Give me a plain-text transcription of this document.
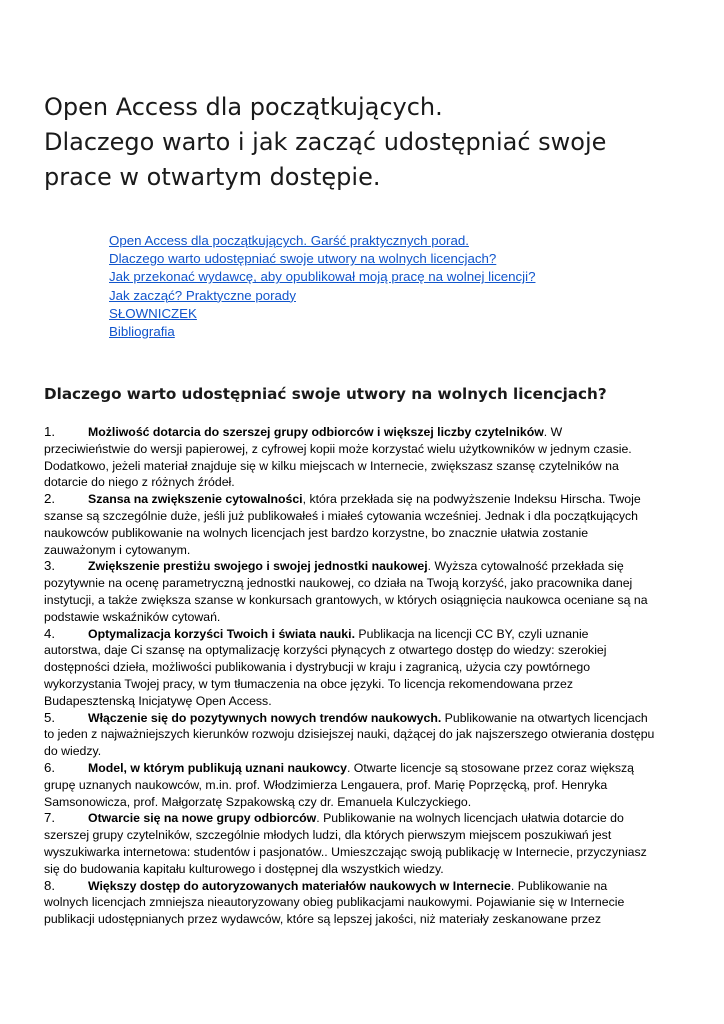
Open Access dla początkujących.
Dlaczego warto i jak zacząć udostępniać swoje
prace w otwartym dostępie.
Open Access dla początkujących. Garść praktycznych porad.
Dlaczego warto udostępniać swoje utwory na wolnych licencjach?
Jak przekonać wydawcę, aby opublikował moją pracę na wolnej licencji?
Jak zacząć? Praktyczne porady
SŁOWNICZEK
Bibliografia
Dlaczego warto udostępniać swoje utwory na wolnych licencjach?
1.	Możliwość dotarcia do szerszej grupy odbiorców i większej liczby czytelników. W
przeciwieństwie do wersji papierowej, z cyfrowej kopii może korzystać wielu użytkowników w jednym czasie.
Dodatkowo, jeżeli materiał znajduje się w kilku miejscach w Internecie, zwiększasz szansę czytelników na
dotarcie do niego z różnych źródeł.
2.	Szansa na zwiększenie cytowalności, która przekłada się na podwyższenie Indeksu Hirscha. Twoje
szanse są szczególnie duże, jeśli już publikowałeś i miałeś cytowania wcześniej. Jednak i dla początkujących
naukowców publikowanie na wolnych licencjach jest bardzo korzystne, bo znacznie ułatwia zostanie
zauważonym i cytowanym.
3.	Zwiększenie prestiżu swojego i swojej jednostki naukowej. Wyższa cytowalność przekłada się
pozytywnie na ocenę parametryczną jednostki naukowej, co działa na Twoją korzyść, jako pracownika danej
instytucji, a także zwiększa szanse w konkursach grantowych, w których osiągnięcia naukowca oceniane są na
podstawie wskaźników cytowań.
4.	Optymalizacja korzyści Twoich i świata nauki. Publikacja na licencji CC BY, czyli uznanie
autorstwa, daje Ci szansę na optymalizację korzyści płynących z otwartego dostęp do wiedzy: szerokiej
dostępności dzieła, możliwości publikowania i dystrybucji w kraju i zagranicą, użycia czy powtórnego
wykorzystania Twojej pracy, w tym tłumaczenia na obce języki. To licencja rekomendowana przez
Budapesztenską Inicjatywę Open Access.
5.	Włączenie się do pozytywnych nowych trendów naukowych. Publikowanie na otwartych licencjach
to jeden z najważniejszych kierunków rozwoju dzisiejszej nauki, dążącej do jak najszerszego otwierania dostępu
do wiedzy.
6.	Model, w którym publikują uznani naukowcy. Otwarte licencje są stosowane przez coraz większą
grupę uznanych naukowców, m.in. prof. Włodzimierza Lengauera, prof. Marię Poprzęcką, prof. Henryka
Samsonowicza, prof. Małgorzatę Szpakowską czy dr. Emanuela Kulczyckiego.
7.	Otwarcie się na nowe grupy odbiorców. Publikowanie na wolnych licencjach ułatwia dotarcie do
szerszej grupy czytelników, szczególnie młodych ludzi, dla których pierwszym miejscem poszukiwań jest
wyszukiwarka internetowa: studentów i pasjonatów.. Umieszczając swoją publikację w Internecie, przyczyniasz
się do budowania kapitału kulturowego i dostępnej dla wszystkich wiedzy.
8.	Większy dostęp do autoryzowanych materiałów naukowych w Internecie. Publikowanie na
wolnych licencjach zmniejsza nieautoryzowany obieg publikacjami naukowymi. Pojawianie się w Internecie
publikacji udostępnianych przez wydawców, które są lepszej jakości, niż materiały zeskanowane przez
